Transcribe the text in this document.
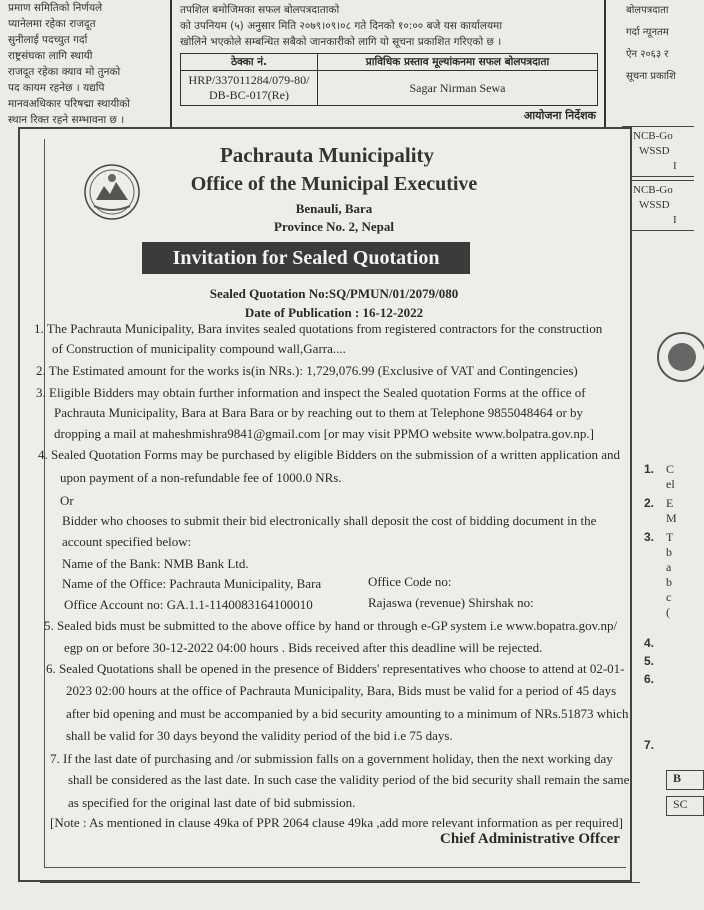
प्रमाण समितिको निर्णयले
प्यानेलमा रहेका राजदूत
सुनीलाई पदच्युत गर्दा
राष्ट्रसंघका लागि स्थायी
राजदूत रहेका क्याव मो तुनको
पद कायम रहनेछ । यद्यपि
मानवअधिकार परिषद्मा स्थायीको
स्थान रिक्त रहने सम्भावना छ ।
तपशिल बमोजिमका सफल बोलपत्रदाताको
को उपनियम (५) अनुसार मिति २०७९।०९।०८ गते दिनको १०:०० बजे यस कार्यालयमा
खोलिने भएकोले सम्बन्धित सबैको जानकारीको लागि यो सूचना प्रकाशित गरिएको छ ।
ठेक्का नं.	प्राविधिक प्रस्ताव मूल्यांकनमा सफल बोलपत्रदाता

HRP/337011284/079-80/
DB-BC-017(Re)	Sagar Nirman Sewa
आयोजना निर्देशक
बोलपत्रदाता
गर्दा न्यूनतम
ऐन २०६३ र
सूचना प्रकाशि
NCB-Go
WSSD
I
NCB-Go
WSSD
I
1. C
el
2. E
M
3. T
b
a
b
c
(
4.
5.
6.
7.
B
SC
Pachrauta Municipality
Office of the Municipal Executive
Benauli, Bara
Province No. 2, Nepal
Invitation for Sealed Quotation
Sealed Quotation No:SQ/PMUN/01/2079/080
Date of Publication : 16-12-2022
1. The Pachrauta Municipality, Bara invites sealed quotations from registered contractors for the construction
of Construction of municipality compound wall,Garra....
2. The Estimated amount for the works is(in NRs.): 1,729,076.99 (Exclusive of VAT and Contingencies)
3. Eligible Bidders may obtain further information and inspect the Sealed quotation Forms at the office of
Pachrauta Municipality, Bara at Bara Bara or by reaching out to them at Telephone 9855048464 or by
dropping a mail at maheshmishra9841@gmail.com [or may visit PPMO website www.bolpatra.gov.np.]
4. Sealed Quotation Forms may be purchased by eligible Bidders on the submission of a written application and
upon payment of a non-refundable fee of 1000.0 NRs.
Or
Bidder who chooses to submit their bid electronically shall deposit the cost of bidding document in the
account specified below:
Name of the Bank: NMB Bank Ltd.
Name of the Office: Pachrauta Municipality, Bara	Office Code no:
Office Account no: GA.1.1-1140083164100010	Rajaswa (revenue) Shirshak no:
5. Sealed bids must be submitted to the above office by hand or through e-GP system i.e www.bopatra.gov.np/
egp on or before 30-12-2022 04:00 hours . Bids received after this deadline will be rejected.
6. Sealed Quotations shall be opened in the presence of Bidders' representatives who choose to attend at 02-01-
2023 02:00 hours at the office of Pachrauta Municipality, Bara, Bids must be valid for a period of 45 days
after bid opening and must be accompanied by a bid security amounting to a minimum of NRs.51873 which
shall be valid for 30 days beyond the validity period of the bid i.e 75 days.
7. If the last date of purchasing and /or submission falls on a government holiday, then the next working day
shall be considered as the last date. In such case the validity period of the bid security shall remain the same
as specified for the original last date of bid submission.
[Note : As mentioned in clause 49ka of PPR 2064 clause 49ka ,add more relevant information as per required]
Chief Administrative Offcer
